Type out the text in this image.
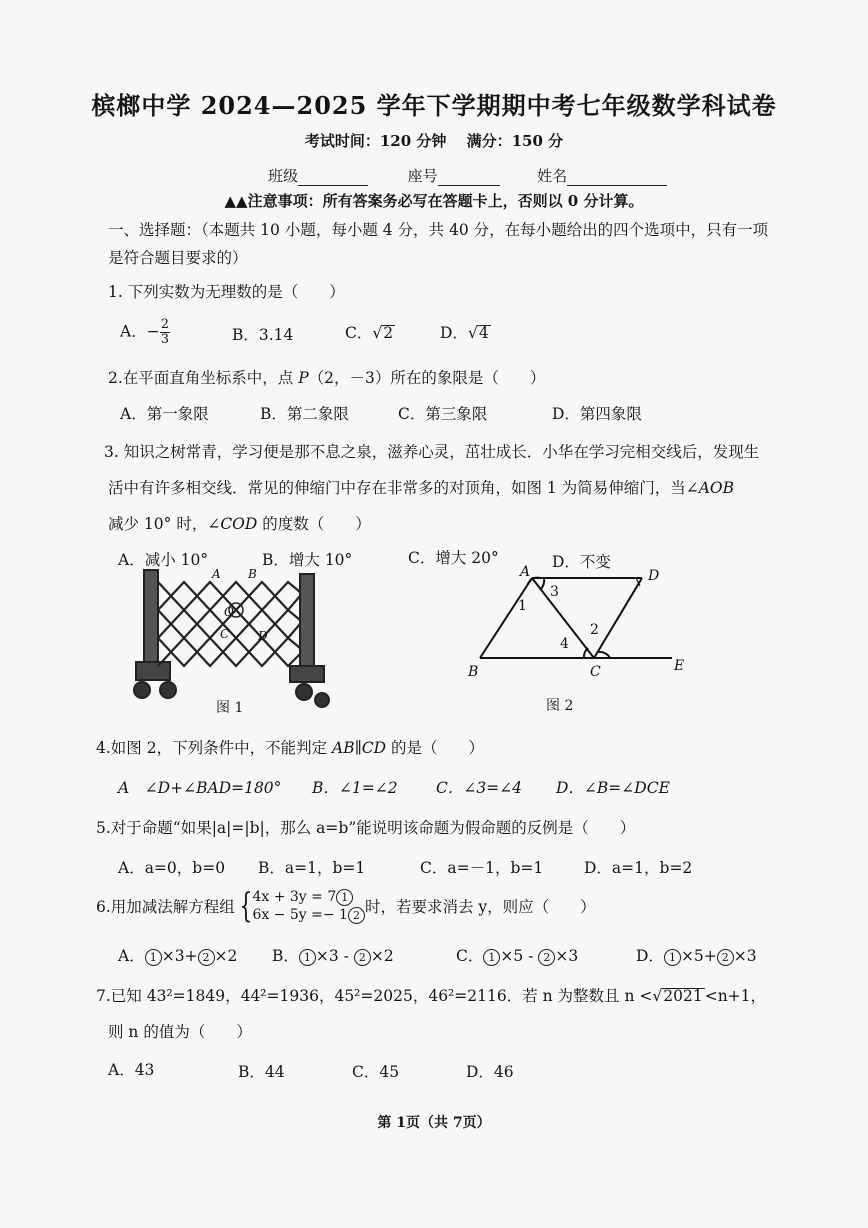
槟榔中学 2024—2025 学年下学期期中考七年级数学科试卷
考试时间：120 分钟　 满分：150 分
班级	座号	姓名
▲▲注意事项：所有答案务必写在答题卡上，否则以 0 分计算。
一、选择题：（本题共 10 小题，每小题 4 分，共 40 分，在每小题给出的四个选项中，只有一项
是符合题目要求的）
1. 下列实数为无理数的是（　　）
A．− $\frac{2}{3}$	B．3.14	C．√2	D．√4
2.在平面直角坐标系中，点 P（2，－3）所在的象限是（　　）
A．第一象限	B．第二象限	C．第三象限	D．第四象限
3. 知识之树常青，学习便是那不息之泉，滋养心灵，茁壮成长．小华在学习完相交线后，发现生
活中有许多相交线．常见的伸缩门中存在非常多的对顶角，如图 1 为简易伸缩门，当∠AOB
减少 10° 时，∠COD 的度数（　　）
A．减小 10°	B．增大 10°	C．增大 20°	D．不变
A B
O
C D
图 1
A	D
B	C	E
1
3
4
2
图 2
4.如图 2，下列条件中，不能判定 AB∥CD 的是（　　）
A　∠D+∠BAD=180° B．∠1=∠2 C．∠3=∠4 D．∠B=∠DCE
5.对于命题“如果|a|=|b|，那么 a=b”能说明该命题为假命题的反例是（　　）
A．a=0，b=0 B．a=1，b=1	C．a=－1，b=1	D．a=1，b=2
6.用加减法解方程组 {4x + 3y = 7 1
6x − 5y =− 1 2 时，若要求消去 y，则应（　　）
A． 1 ×3+ 2 ×2 B． 1 ×3 - 2 ×2	C． 1 ×5 - 2 ×3	D． 1 ×5+ 2 ×3
7.已知 43²=1849，44²=1936，45²=2025，46²=2116．若 n 为整数且 n <√2021 <n+1，
则 n 的值为（　　）
A．43	B．44	C．45	D．46
第 1页（共 7页）
